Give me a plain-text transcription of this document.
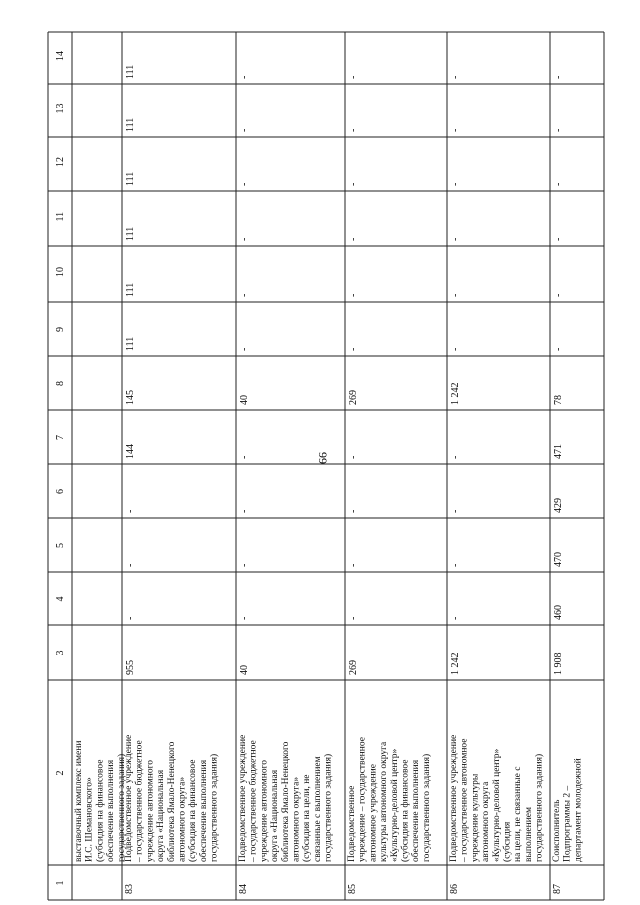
99
1
2
3
4
5
6
7
8
9
10
11
12
13
14
выставочный комплекс имени И.С. Шемановского» (субсидия на финансовое обеспечение выполнения государственного задания)
83
Подведомственное учреждение – государственное бюджетное учреждение автономного округа «Национальная библиотека Ямало-Ненецкого автономного округа» (субсидия на финансовое обеспечение выполнения государственного задания)
955
-
-
-
144
145
111
111
111
111
111
111
84
Подведомственное учреждение – государственное бюджетное учреждение автономного округа «Национальная библиотека Ямало-Ненецкого автономного округа» (субсидия на цели, не связанные с выполнением государственного задания)
40
-
-
-
-
40
-
-
-
-
-
-
85
Подведомственное учреждение – государственное автономное учреждение культуры автономного округа «Культурно-деловой центр» (субсидия на финансовое обеспечение выполнения государственного задания)
269
-
-
-
-
269
-
-
-
-
-
-
86
Подведомственное учреждение – государственное автономное учреждение культуры автономного округа «Культурно-деловой центр» (субсидия на цели, не связанные с выполнением государственного задания)
1 242
-
-
-
-
1 242
-
-
-
-
-
-
87
Соисполнитель Подпрограммы 2 – департамент молодежной
1 908
460
470
429
471
78
-
-
-
-
-
-
